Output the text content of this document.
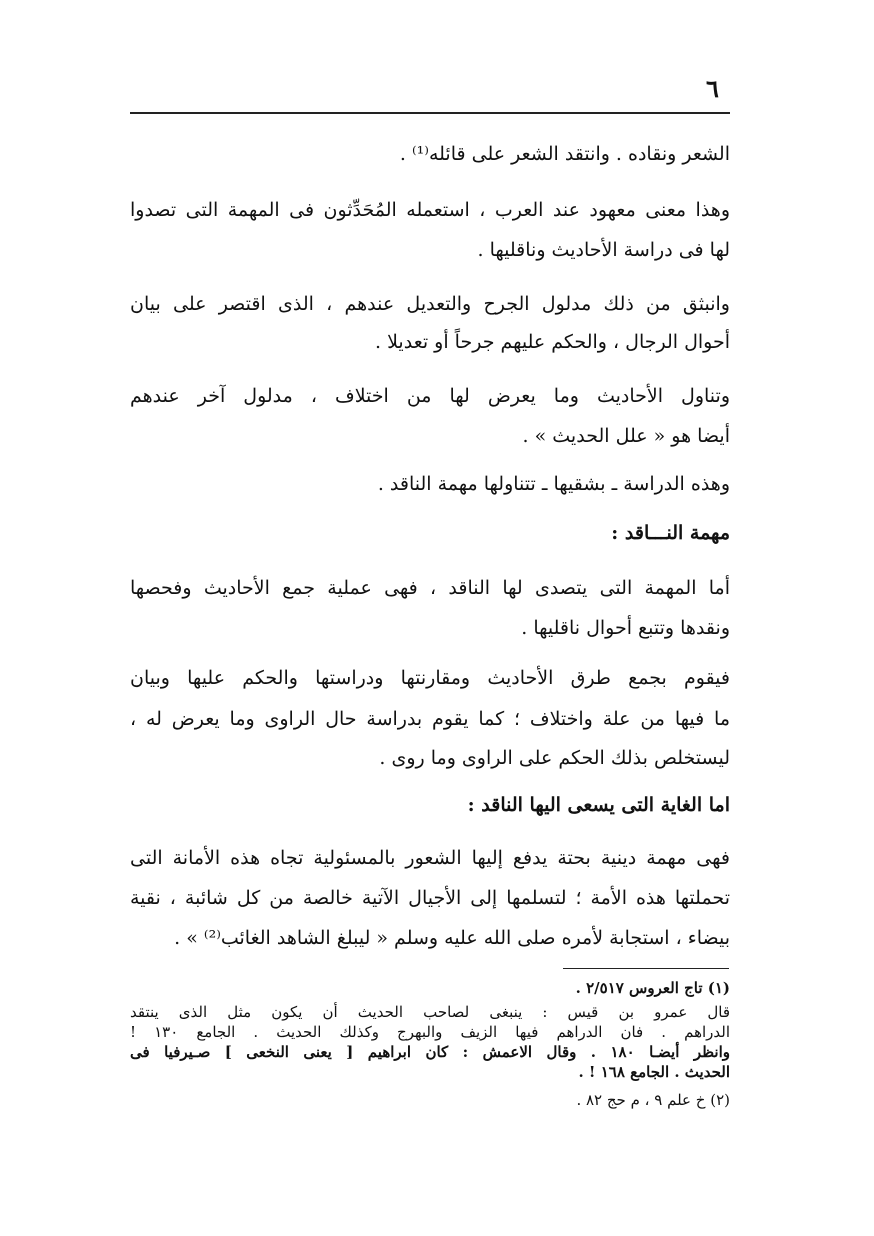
٦
الشعر ونقاده . وانتقد الشعر على قائله⁽¹⁾ .
وهذا معنى معهود عند العرب ، استعمله المُحَدِّثون فى المهمة التى تصدوا
لها فى دراسة الأحاديث وناقليها .
وانبثق من ذلك مدلول الجرح والتعديل عندهم ، الذى اقتصر على بيان
أحوال الرجال ، والحكم عليهم جرحاً أو تعديلا .
وتناول الأحاديث وما يعرض لها من اختلاف ، مدلول آخر عندهم
أيضا هو « علل الحديث » .
وهذه الدراسة ـ بشقيها ـ تتناولها مهمة الناقد .
مهمة النـــاقد :
أما المهمة التى يتصدى لها الناقد ، فهى عملية جمع الأحاديث وفحصها
ونقدها وتتبع أحوال ناقليها .
فيقوم بجمع طرق الأحاديث ومقارنتها ودراستها والحكم عليها وبيان
ما فيها من علة واختلاف ؛ كما يقوم بدراسة حال الراوى وما يعرض له ،
ليستخلص بذلك الحكم على الراوى وما روى .
اما الغاية التى يسعى اليها الناقد :
فهى مهمة دينية بحتة يدفع إليها الشعور بالمسئولية تجاه هذه الأمانة التى
تحملتها هذه الأمة ؛ لتسلمها إلى الأجيال الآتية خالصة من كل شائبة ، نقية
بيضاء ، استجابة لأمره صلى الله عليه وسلم « ليبلغ الشاهد الغائب⁽²⁾ » .
(١) تاج العروس ٢/٥١٧ .
قال عمرو بن قيس : ينبغى لصاحب الحديث أن يكون مثل الذى ينتقد
الدراهم . فان الدراهم فيها الزيف والبهرج وكذلك الحديث . الجامع ١٣٠ !
وانظر أيضـا ١٨٠ . وقال الاعمش : كان ابراهيم [ يعنى النخعى ] صـيرفيا فى
الحديث . الجامع ١٦٨ ! .
(٢) خ علم ٩ ، م حج ٨٢ .
